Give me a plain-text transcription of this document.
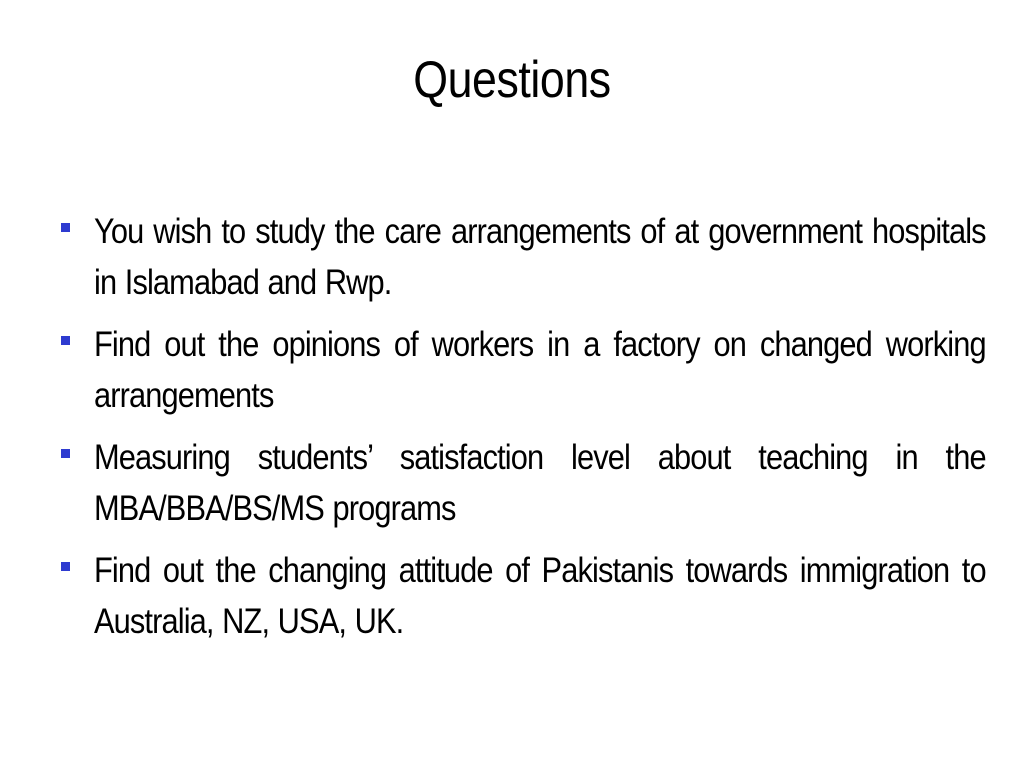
Questions
You wish to study the care arrangements of at government hospitals in Islamabad and Rwp.
Find out the opinions of workers in a factory on changed working arrangements
Measuring students’ satisfaction level about teaching in the MBA/BBA/BS/MS programs
Find out the changing attitude of Pakistanis towards immigration to Australia, NZ, USA, UK.
